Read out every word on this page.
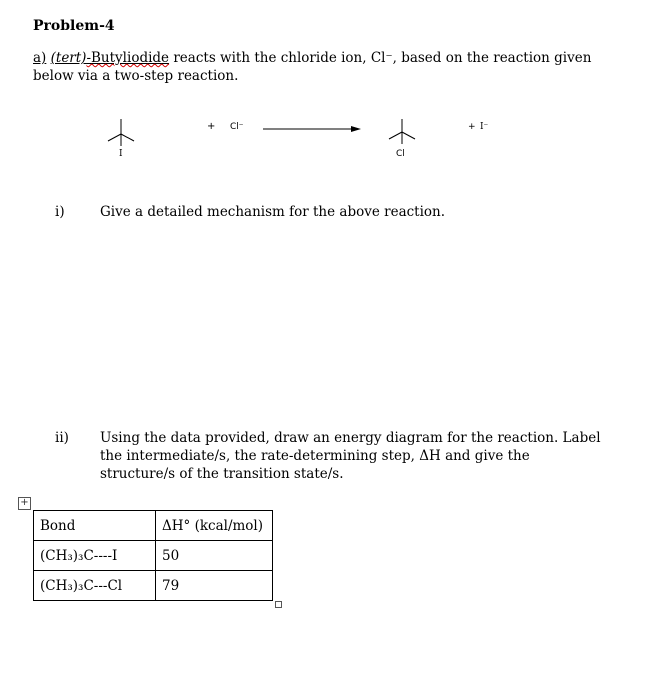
Problem-4
a) (tert)-Butyliodide reacts with the chloride ion, Cl⁻, based on the reaction given
below via a two-step reaction.
I
+ Cl⁻
Cl
+ I⁻
i)	Give a detailed mechanism for the above reaction.
ii)	Using the data provided, draw an energy diagram for the reaction. Label
the intermediate/s, the rate-determining step, ΔH and give the
structure/s of the transition state/s.
+
Bond	ΔH° (kcal/mol)
(CH₃)₃C----I	50
(CH₃)₃C---Cl	79
